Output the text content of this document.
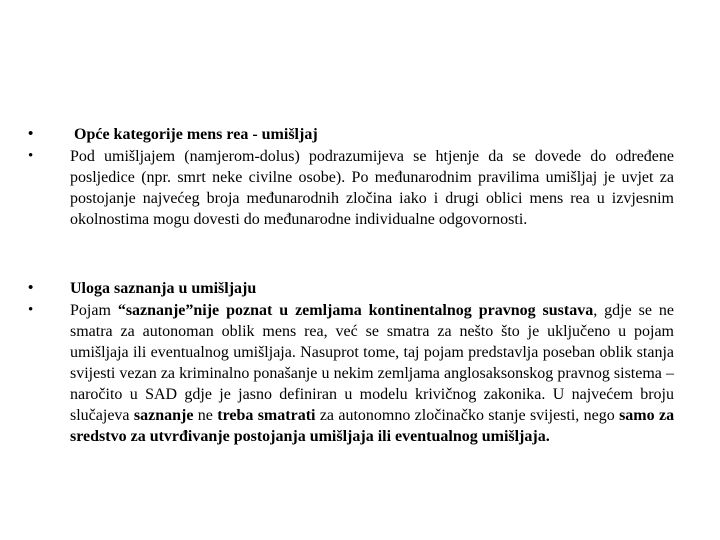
•	Opće kategorije mens rea - umišljaj
•	Pod umišljajem (namjerom-dolus) podrazumijeva se htjenje da se dovede do određene posljedice (npr. smrt neke civilne osobe). Po međunarodnim pravilima umišljaj je uvjet za postojanje najvećeg broja međunarodnih zločina iako i drugi oblici mens rea u izvjesnim okolnostima mogu dovesti do međunarodne individualne odgovornosti.
•	Uloga saznanja u umišljaju
•	Pojam “saznanje”nije poznat u zemljama kontinentalnog pravnog sustava, gdje se ne smatra za autonoman oblik mens rea, već se smatra za nešto što je uključeno u pojam umišljaja ili eventualnog umišljaja. Nasuprot tome, taj pojam predstavlja poseban oblik stanja svijesti vezan za kriminalno ponašanje u nekim zemljama anglosaksonskog pravnog sistema – naročito u SAD gdje je jasno definiran u modelu krivičnog zakonika. U najvećem broju slučajeva saznanje ne treba smatrati za autonomno zločinačko stanje svijesti, nego samo za sredstvo za utvrđivanje postojanja umišljaja ili eventualnog umišljaja.
